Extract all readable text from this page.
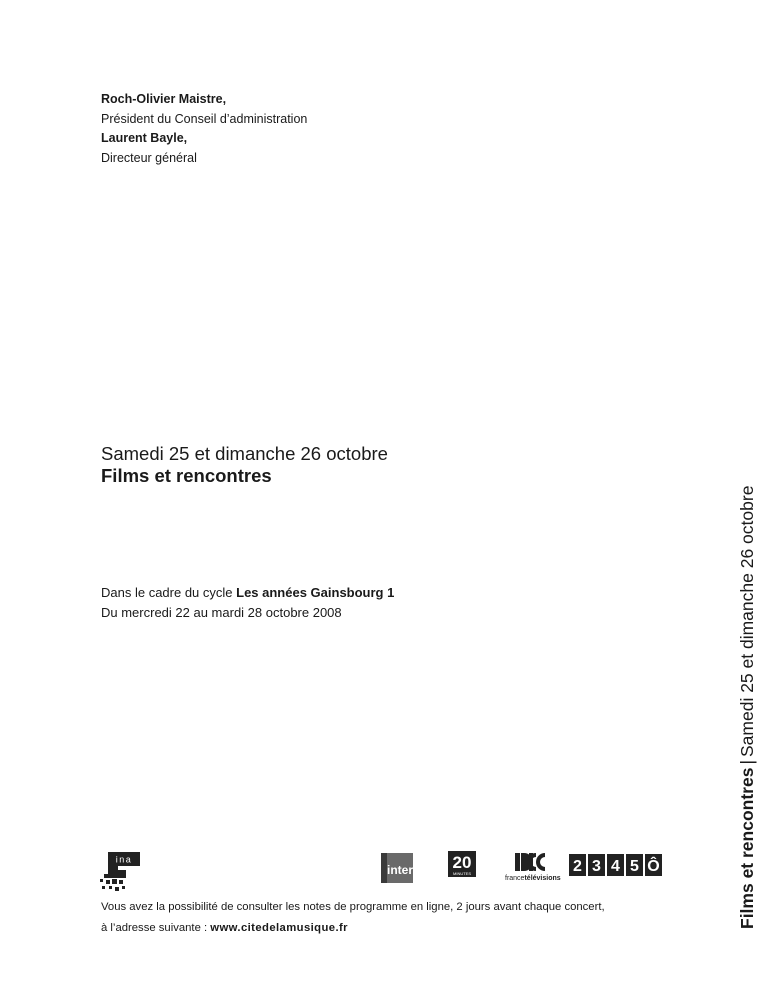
Roch-Olivier Maistre,
Président du Conseil d’administration
Laurent Bayle,
Directeur général
Samedi 25 et dimanche 26 octobre
Films et rencontres
Dans le cadre du cycle Les années Gainsbourg 1
Du mercredi 22 au mardi 28 octobre 2008
Films et rencontres|Samedi 25 et dimanche 26 octobre
ina
inter 20
MINUTES
francetélévisions
2 3 4 5 Ô
Vous avez la possibilité de consulter les notes de programme en ligne, 2 jours avant chaque concert,
à l’adresse suivante : www.citedelamusique.fr
